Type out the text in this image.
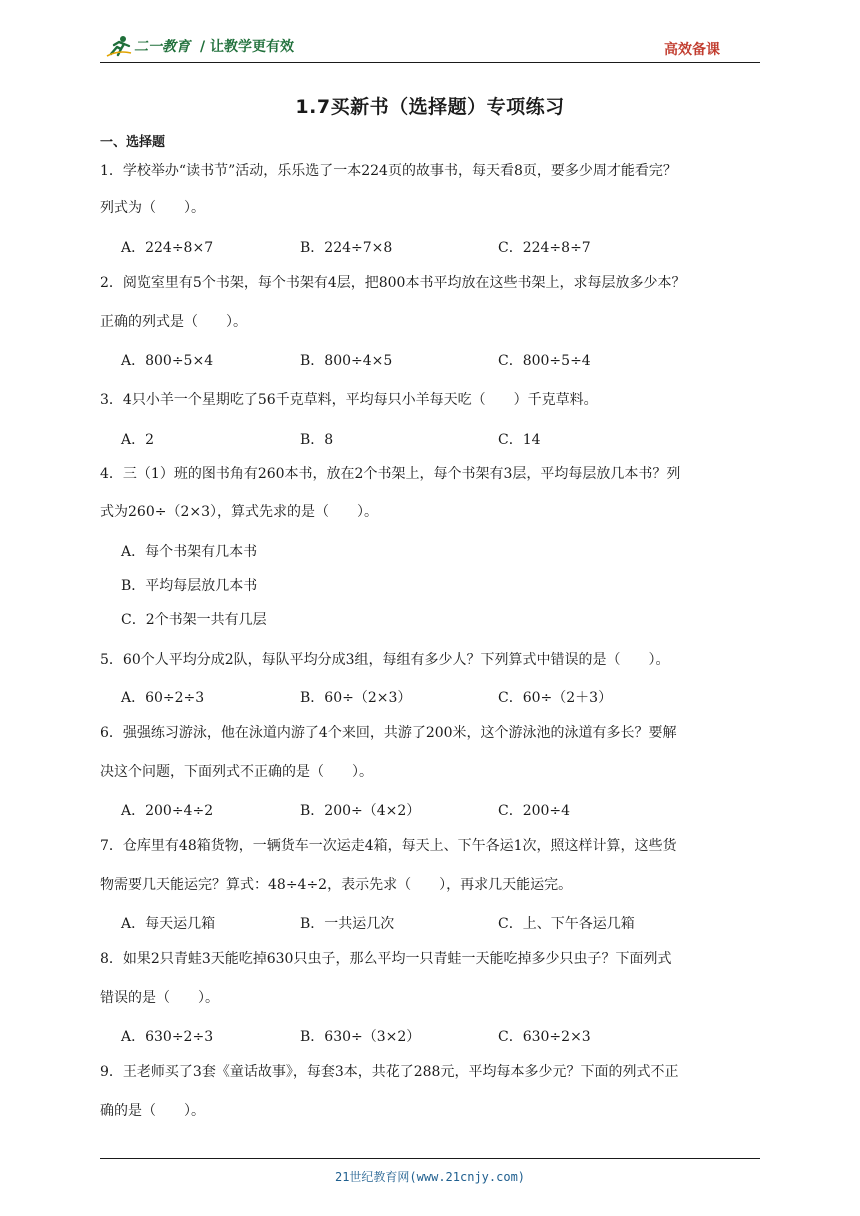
二一教育 / 让教学更有效	高效备课
1.7买新书（选择题）专项练习
一、选择题
1．学校举办“读书节”活动，乐乐选了一本224页的故事书，每天看8页，要多少周才能看完？
列式为（　　）。
A．224÷8×7	B．224÷7×8	C．224÷8÷7
2．阅览室里有5个书架，每个书架有4层，把800本书平均放在这些书架上，求每层放多少本？
正确的列式是（　　）。
A．800÷5×4	B．800÷4×5	C．800÷5÷4
3．4只小羊一个星期吃了56千克草料，平均每只小羊每天吃（　　）千克草料。
A．2	B．8	C．14
4．三（1）班的图书角有260本书，放在2个书架上，每个书架有3层，平均每层放几本书？列
式为260÷（2×3），算式先求的是（　　）。
A．每个书架有几本书
B．平均每层放几本书
C．2个书架一共有几层
5．60个人平均分成2队，每队平均分成3组，每组有多少人？下列算式中错误的是（　　）。
A．60÷2÷3	B．60÷（2×3）	C．60÷（2＋3）
6．强强练习游泳，他在泳道内游了4个来回，共游了200米，这个游泳池的泳道有多长？要解
决这个问题，下面列式不正确的是（　　）。
A．200÷4÷2	B．200÷（4×2）	C．200÷4
7．仓库里有48箱货物，一辆货车一次运走4箱，每天上、下午各运1次，照这样计算，这些货
物需要几天能运完？算式：48÷4÷2，表示先求（　　），再求几天能运完。
A．每天运几箱	B．一共运几次	C．上、下午各运几箱
8．如果2只青蛙3天能吃掉630只虫子，那么平均一只青蛙一天能吃掉多少只虫子？下面列式
错误的是（　　）。
A．630÷2÷3	B．630÷（3×2）	C．630÷2×3
9．王老师买了3套《童话故事》，每套3本，共花了288元，平均每本多少元？下面的列式不正
确的是（　　）。
21世纪教育网(www.21cnjy.com)
